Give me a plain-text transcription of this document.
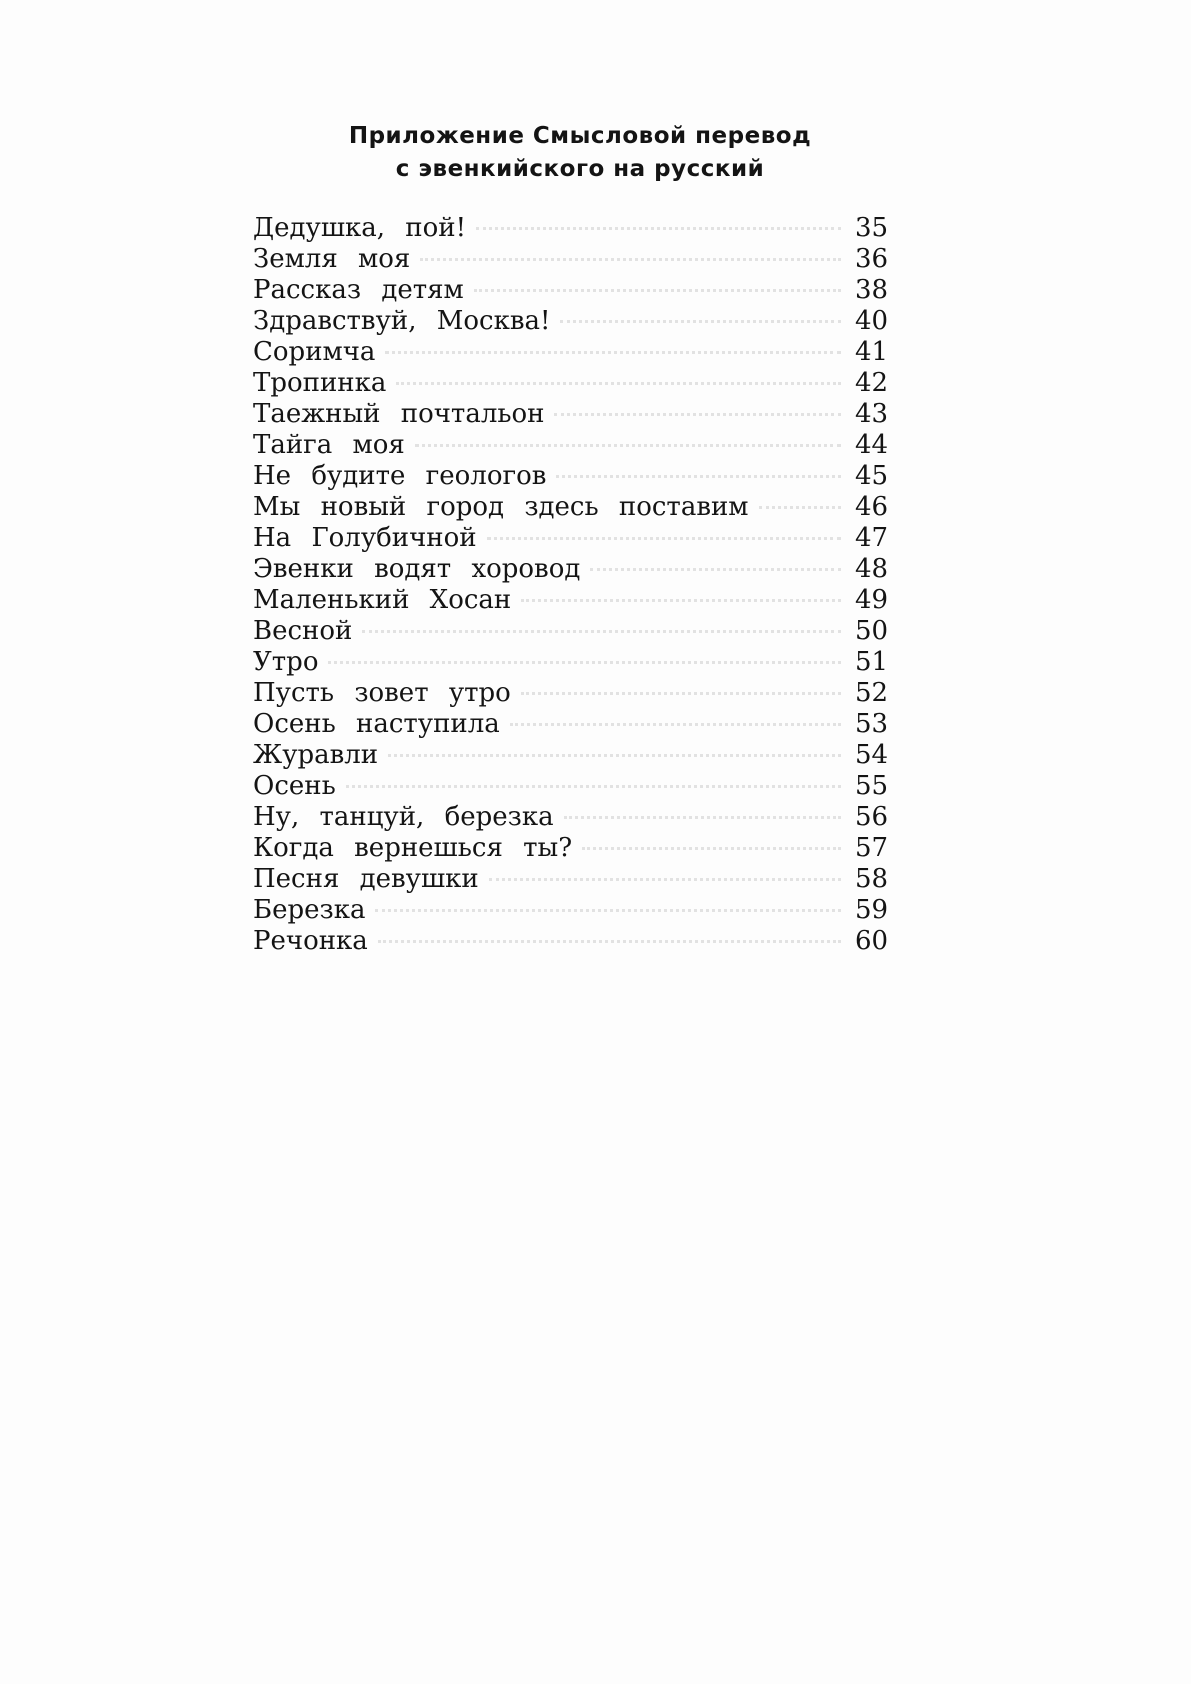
Приложение Смысловой перевод
с эвенкийского на русский
Дедушка, пой!	35
Земля моя	36
Рассказ детям	38
Здравствуй, Москва!	40
Соримча	41
Тропинка	42
Таежный почтальон	43
Тайга моя	44
Не будите геологов	45
Мы новый город здесь поставим	46
На Голубичной	47
Эвенки водят хоровод	48
Маленький Хосан	49
Весной	50
Утро	51
Пусть зовет утро	52
Осень наступила	53
Журавли	54
Осень	55
Ну, танцуй, березка	56
Когда вернешься ты?	57
Песня девушки	58
Березка	59
Речонка	60
